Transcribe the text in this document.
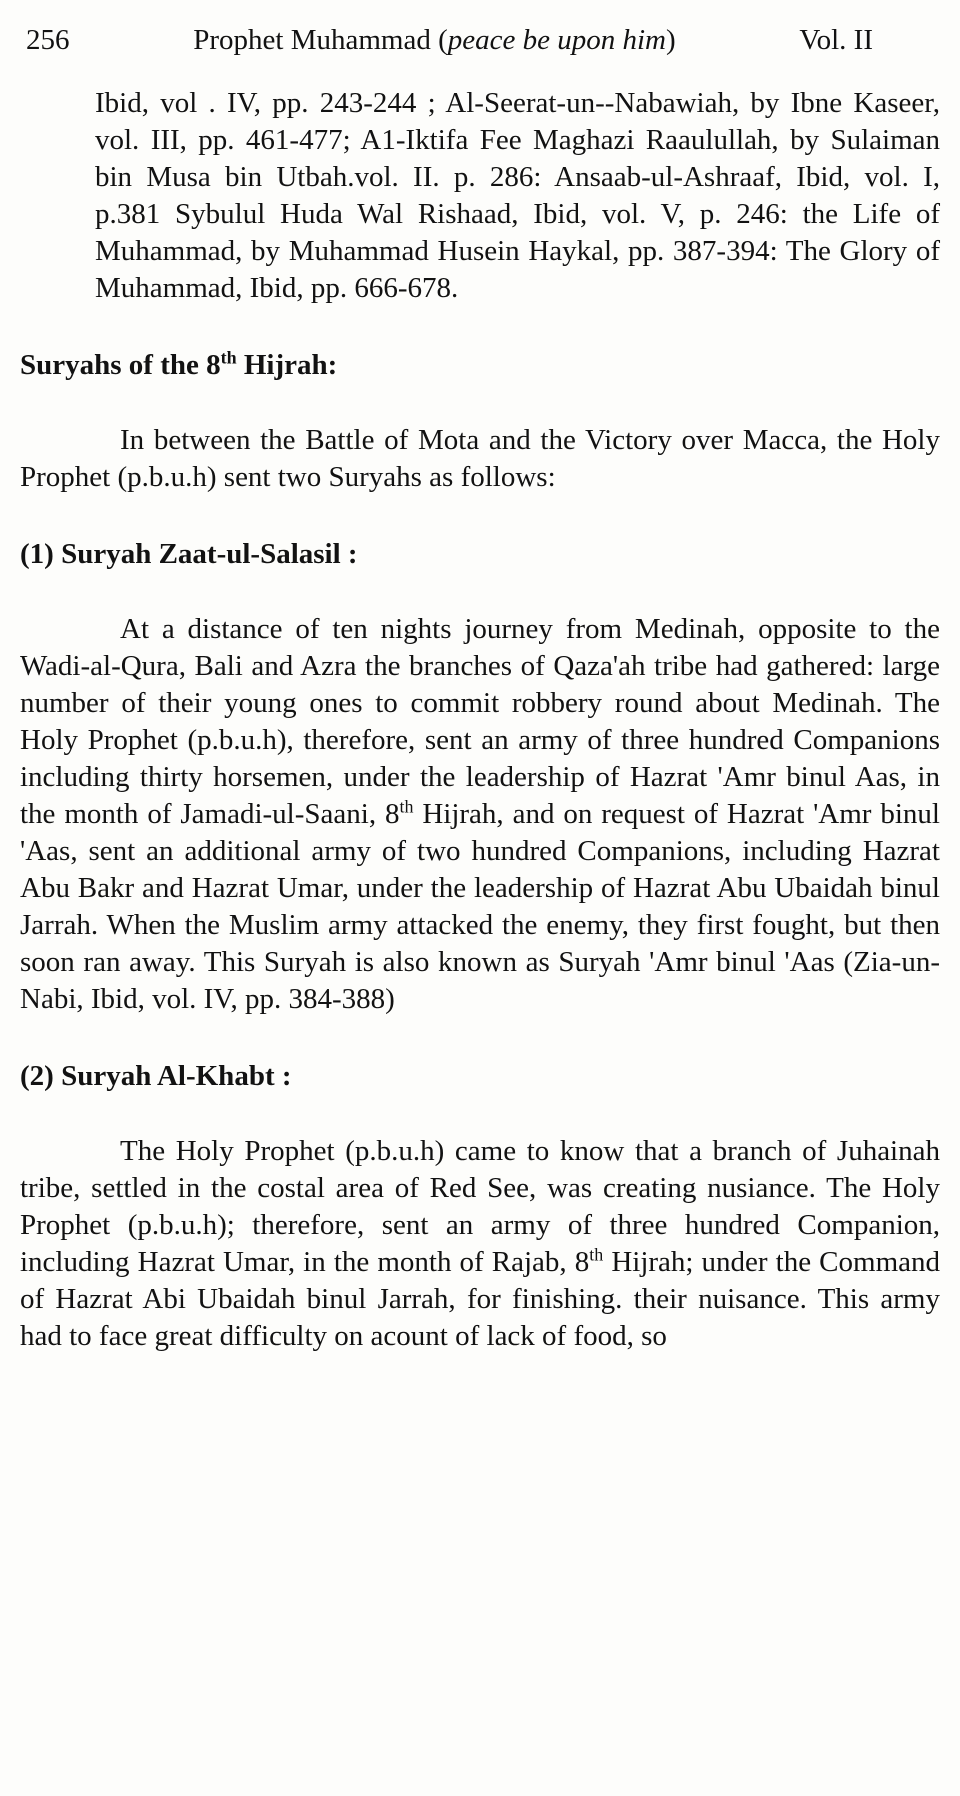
256	Prophet Muhammad (peace be upon him)	Vol. II

Ibid, vol . IV, pp. 243-244 ; Al-Seerat-un--Nabawiah, by Ibne Kaseer, vol. III, pp. 461-477; A1-Iktifa Fee Maghazi Raaulullah, by Sulaiman bin Musa bin Utbah.vol. II. p. 286: Ansaab-ul-Ashraaf, Ibid, vol. I, p.381 Sybulul Huda Wal Rishaad, Ibid, vol. V, p. 246: the Life of Muhammad, by Muhammad Husein Haykal, pp. 387-394: The Glory of Muhammad, Ibid, pp. 666-678.

Suryahs of the 8th Hijrah:

In between the Battle of Mota and the Victory over Macca, the Holy Prophet (p.b.u.h) sent two Suryahs as follows:

(1) Suryah Zaat-ul-Salasil :

At a distance of ten nights journey from Medinah, opposite to the Wadi-al-Qura, Bali and Azra the branches of Qaza'ah tribe had gathered: large number of their young ones to commit robbery round about Medinah. The Holy Prophet (p.b.u.h), therefore, sent an army of three hundred Companions including thirty horsemen, under the leadership of Hazrat 'Amr binul Aas, in the month of Jamadi-ul-Saani, 8th Hijrah, and on request of Hazrat 'Amr binul 'Aas, sent an additional army of two hundred Companions, including Hazrat Abu Bakr and Hazrat Umar, under the leadership of Hazrat Abu Ubaidah binul Jarrah. When the Muslim army attacked the enemy, they first fought, but then soon ran away. This Suryah is also known as Suryah 'Amr binul 'Aas (Zia-un-Nabi, Ibid, vol. IV, pp. 384-388)

(2) Suryah Al-Khabt :

The Holy Prophet (p.b.u.h) came to know that a branch of Juhainah tribe, settled in the costal area of Red See, was creating nusiance. The Holy Prophet (p.b.u.h); therefore, sent an army of three hundred Companion, including Hazrat Umar, in the month of Rajab, 8th Hijrah; under the Command of Hazrat Abi Ubaidah binul Jarrah, for finishing. their nuisance. This army had to face great difficulty on acount of lack of food, so
